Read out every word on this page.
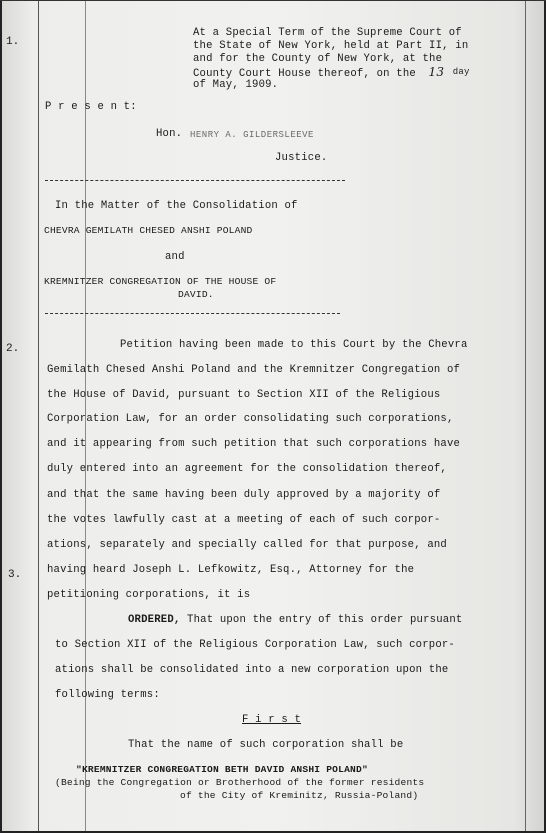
1.
2.
3.
At a Special Term of the Supreme Court of
the State of New York, held at Part II, in
and for the County of New York, at the
County Court House thereof, on the 13 $^{day}$
of May, 1909.
P r e s e n t:
Hon. HENRY A. GILDERSLEEVE
Justice.
In the Matter of the Consolidation of
CHEVRA GEMILATH CHESED ANSHI POLAND
and
KREMNITZER CONGREGATION OF THE HOUSE OF
DAVID.
Petition having been made to this Court by the Chevra
Gemilath Chesed Anshi Poland and the Kremnitzer Congregation of
the House of David, pursuant to Section XII of the Religious
Corporation Law, for an order consolidating such corporations,
and it appearing from such petition that such corporations have
duly entered into an agreement for the consolidation thereof,
and that the same having been duly approved by a majority of
the votes lawfully cast at a meeting of each of such corpor-
ations, separately and specially called for that purpose, and
having heard Joseph L. Lefkowitz, Esq., Attorney for the
petitioning corporations, it is
ORDERED, That upon the entry of this order pursuant
to Section XII of the Religious Corporation Law, such corpor-
ations shall be consolidated into a new corporation upon the
following terms:
F i r s t
That the name of such corporation shall be
"KREMNITZER CONGREGATION BETH DAVID ANSHI POLAND"
(Being the Congregation or Brotherhood of the former residents
of the City of Kreminitz, Russia-Poland)
